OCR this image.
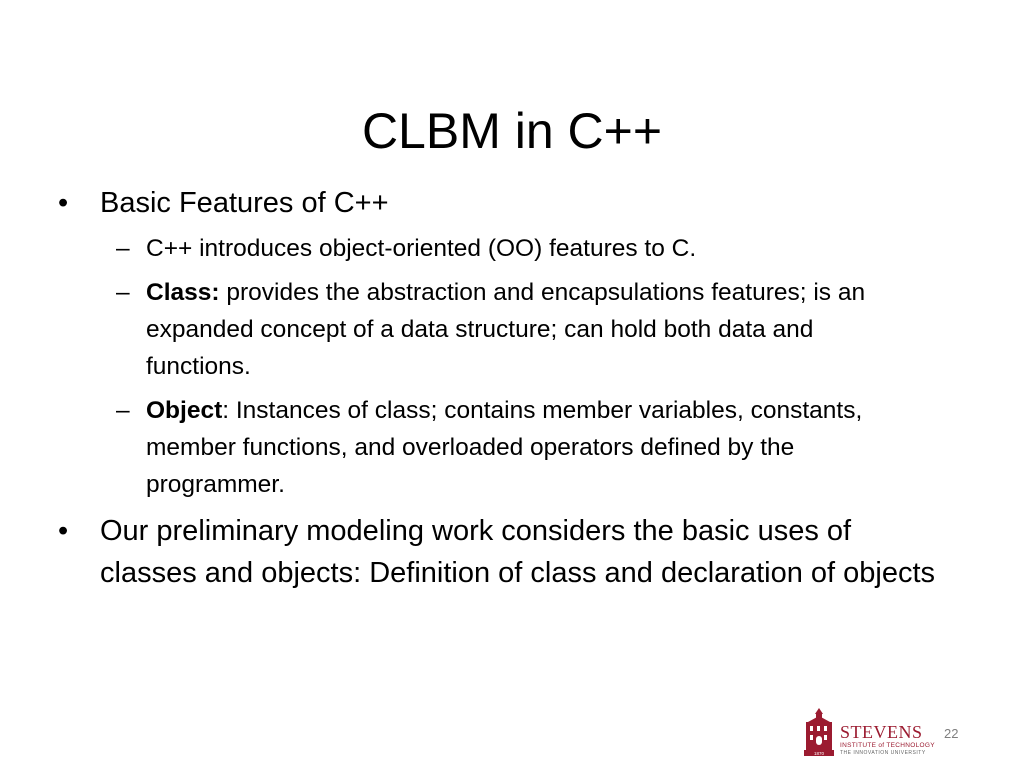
CLBM in C++
•	Basic Features of C++
– C++ introduces object-oriented (OO) features to C.
– Class: provides the abstraction and encapsulations features; is an expanded concept of a data structure; can hold both data and functions.
– Object: Instances of class; contains member variables, constants, member functions, and overloaded operators defined by the programmer.
•	Our preliminary modeling work considers the basic uses of classes and objects: Definition of class and declaration of objects
1870
STEVENS
INSTITUTE of TECHNOLOGY
THE INNOVATION UNIVERSITY
22
